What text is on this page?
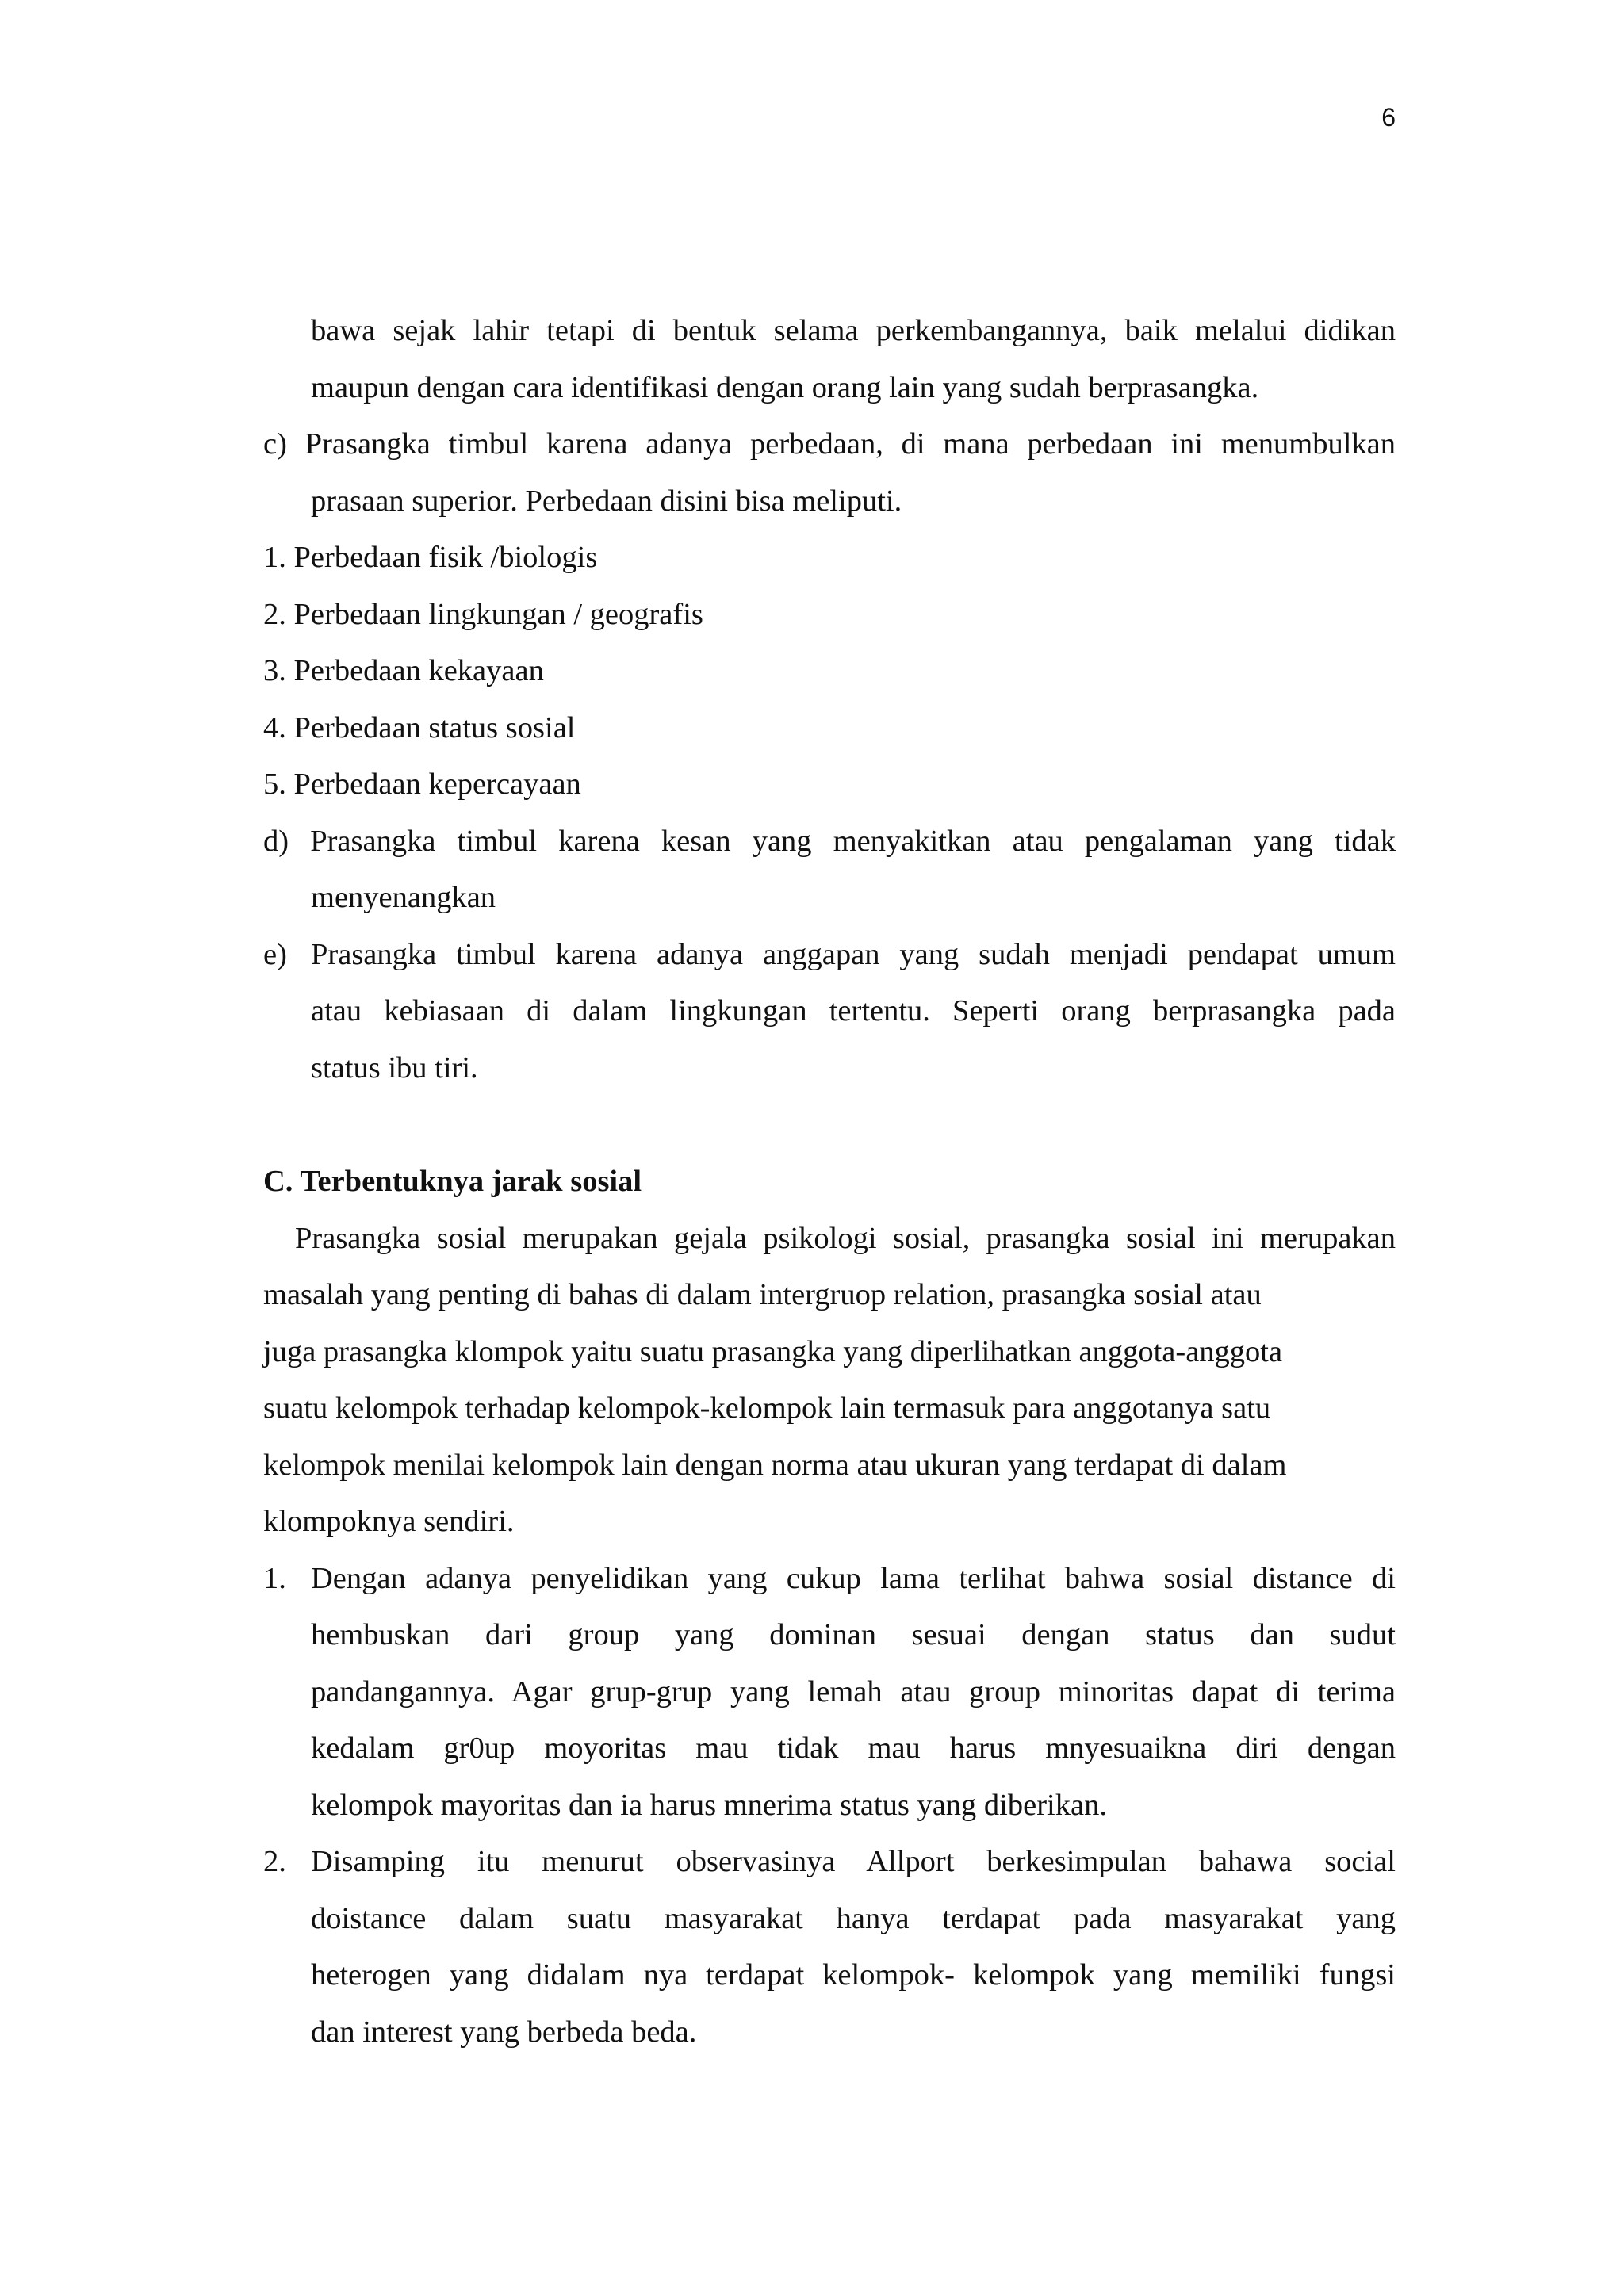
6
bawa sejak lahir tetapi di bentuk selama perkembangannya, baik melalui didikan
maupun dengan cara identifikasi dengan orang lain yang sudah berprasangka.
c) Prasangka timbul karena adanya perbedaan, di mana perbedaan ini menumbulkan
prasaan superior. Perbedaan disini bisa meliputi.
1. Perbedaan fisik /biologis
2. Perbedaan lingkungan / geografis
3. Perbedaan kekayaan
4. Perbedaan status sosial
5. Perbedaan kepercayaan
d) Prasangka timbul karena kesan yang menyakitkan atau pengalaman yang tidak
menyenangkan
e) Prasangka timbul karena adanya anggapan yang sudah menjadi pendapat umum
atau kebiasaan di dalam lingkungan tertentu. Seperti orang berprasangka pada
status ibu tiri.
C. Terbentuknya jarak sosial
Prasangka sosial merupakan gejala psikologi sosial, prasangka sosial ini merupakan
masalah yang penting di bahas di dalam intergruop relation, prasangka sosial atau
juga prasangka klompok yaitu suatu prasangka yang diperlihatkan anggota-anggota
suatu kelompok terhadap kelompok-kelompok lain termasuk para anggotanya satu
kelompok menilai kelompok lain dengan norma atau ukuran yang terdapat di dalam
klompoknya sendiri.
1. Dengan adanya penyelidikan yang cukup lama terlihat bahwa sosial distance di
hembuskan dari group yang dominan sesuai dengan status dan sudut
pandangannya. Agar grup-grup yang lemah atau group minoritas dapat di terima
kedalam gr0up moyoritas mau tidak mau harus mnyesuaikna diri dengan
kelompok mayoritas dan ia harus mnerima status yang diberikan.
2. Disamping itu menurut observasinya Allport berkesimpulan bahawa social
doistance dalam suatu masyarakat hanya terdapat pada masyarakat yang
heterogen yang didalam nya terdapat kelompok- kelompok yang memiliki fungsi
dan interest yang berbeda beda.
